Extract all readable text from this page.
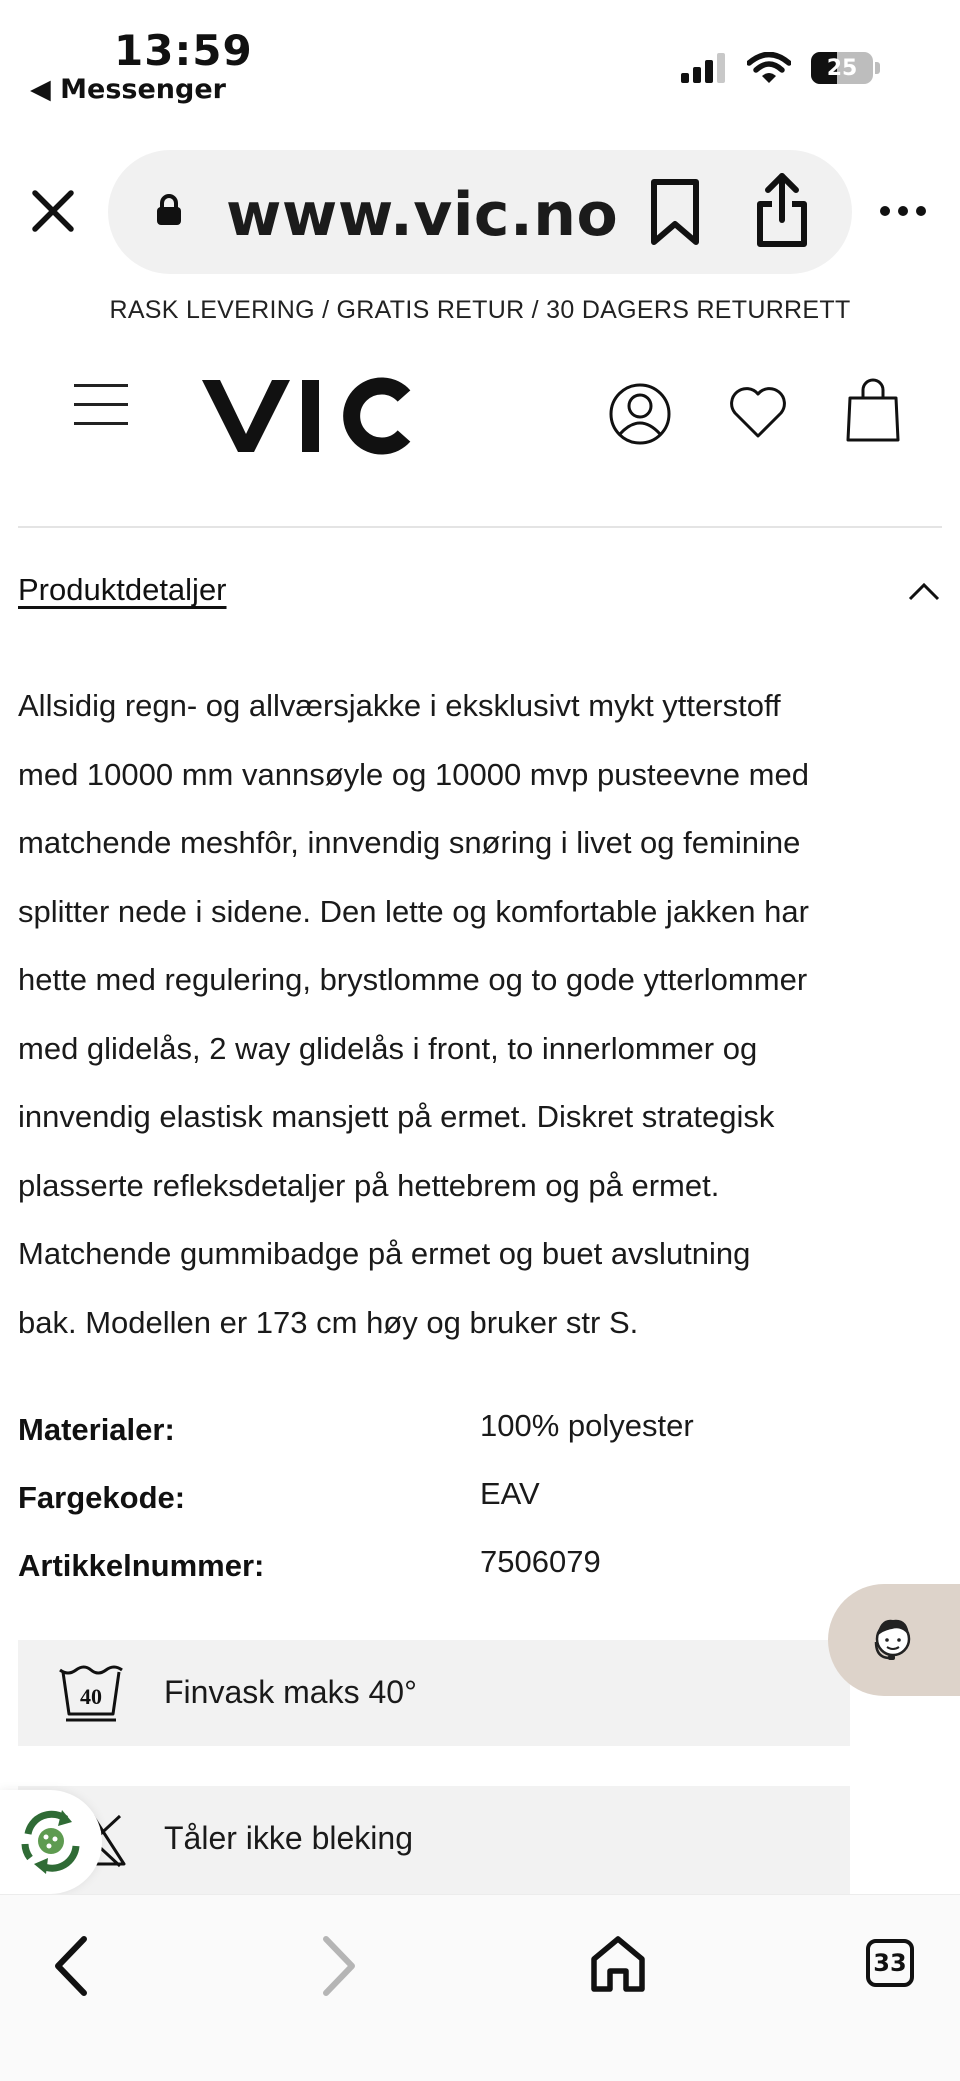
13:59
◀ Messenger
25
www.vic.no
RASK LEVERING / GRATIS RETUR / 30 DAGERS RETURRETT
Produktdetaljer
Allsidig regn- og allværsjakke i eksklusivt mykt ytterstoff
med 10000 mm vannsøyle og 10000 mvp pusteevne med
matchende meshfôr, innvendig snøring i livet og feminine
splitter nede i sidene. Den lette og komfortable jakken har
hette med regulering, brystlomme og to gode ytterlommer
med glidelås, 2 way glidelås i front, to innerlommer og
innvendig elastisk mansjett på ermet. Diskret strategisk
plasserte refleksdetaljer på hettebrem og på ermet.
Matchende gummibadge på ermet og buet avslutning
bak. Modellen er 173 cm høy og bruker str S.
Materialer:	100% polyester
Fargekode:	EAV
Artikkelnummer:	7506079
40 Finvask maks 40°
Tåler ikke bleking
33
